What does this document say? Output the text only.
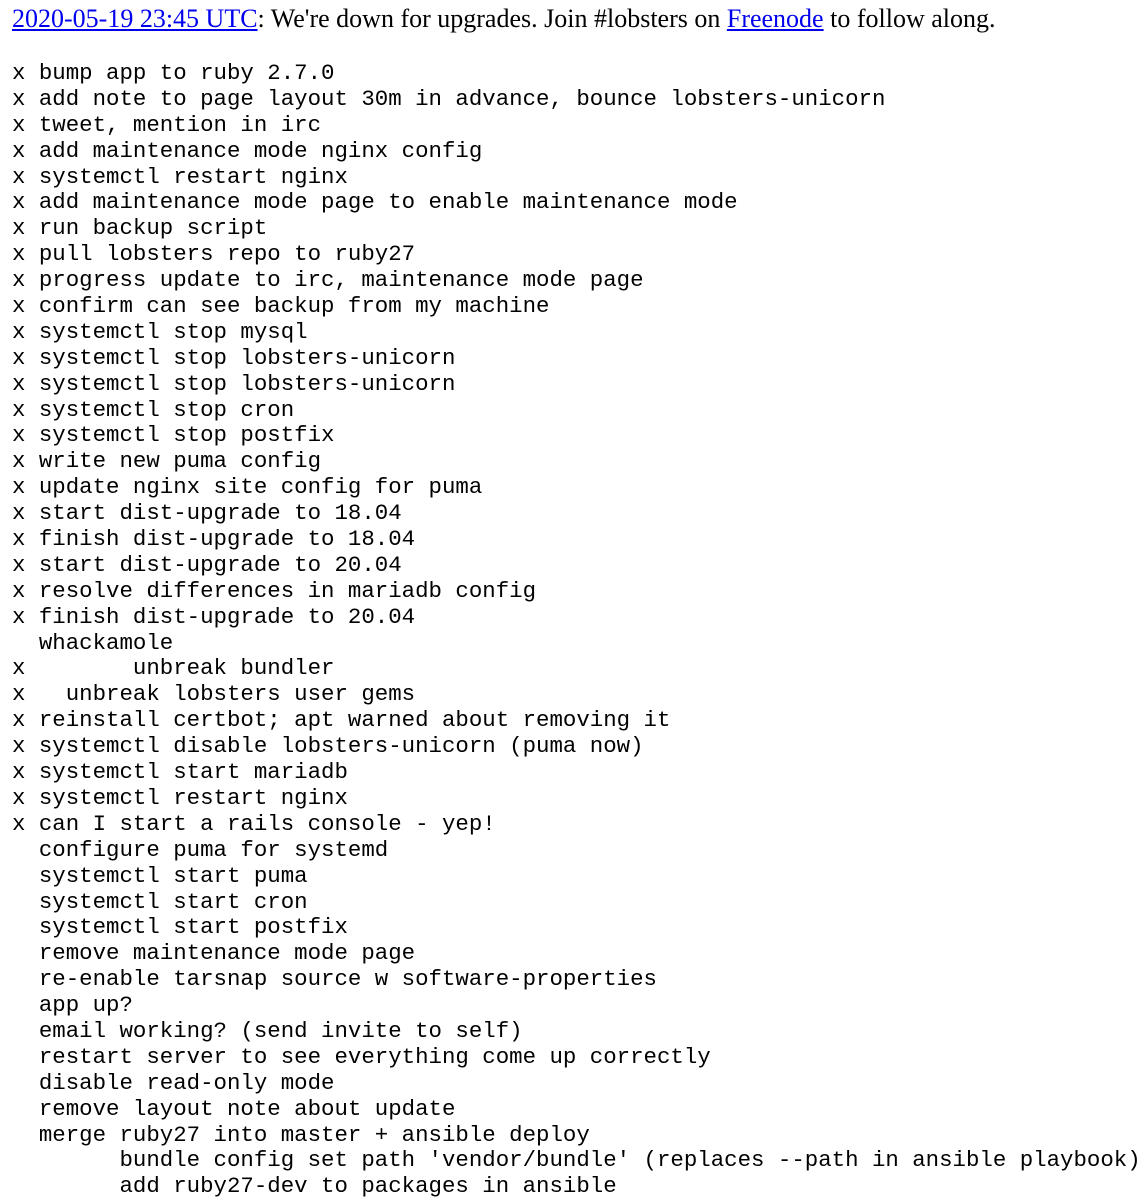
2020-05-19 23:45 UTC: We're down for upgrades. Join #lobsters on Freenode to follow along.
x bump app to ruby 2.7.0
x add note to page layout 30m in advance, bounce lobsters-unicorn
x tweet, mention in irc
x add maintenance mode nginx config
x systemctl restart nginx
x add maintenance mode page to enable maintenance mode
x run backup script
x pull lobsters repo to ruby27
x progress update to irc, maintenance mode page
x confirm can see backup from my machine
x systemctl stop mysql
x systemctl stop lobsters-unicorn
x systemctl stop lobsters-unicorn
x systemctl stop cron
x systemctl stop postfix
x write new puma config
x update nginx site config for puma
x start dist-upgrade to 18.04
x finish dist-upgrade to 18.04
x start dist-upgrade to 20.04
x resolve differences in mariadb config
x finish dist-upgrade to 20.04
whackamole
x        unbreak bundler
x   unbreak lobsters user gems
x reinstall certbot; apt warned about removing it
x systemctl disable lobsters-unicorn (puma now)
x systemctl start mariadb
x systemctl restart nginx
x can I start a rails console - yep!
configure puma for systemd
systemctl start puma
systemctl start cron
systemctl start postfix
remove maintenance mode page
re-enable tarsnap source w software-properties
app up?
email working? (send invite to self)
restart server to see everything come up correctly
disable read-only mode
remove layout note about update
merge ruby27 into master + ansible deploy
bundle config set path 'vendor/bundle' (replaces --path in ansible playbook)
add ruby27-dev to packages in ansible
